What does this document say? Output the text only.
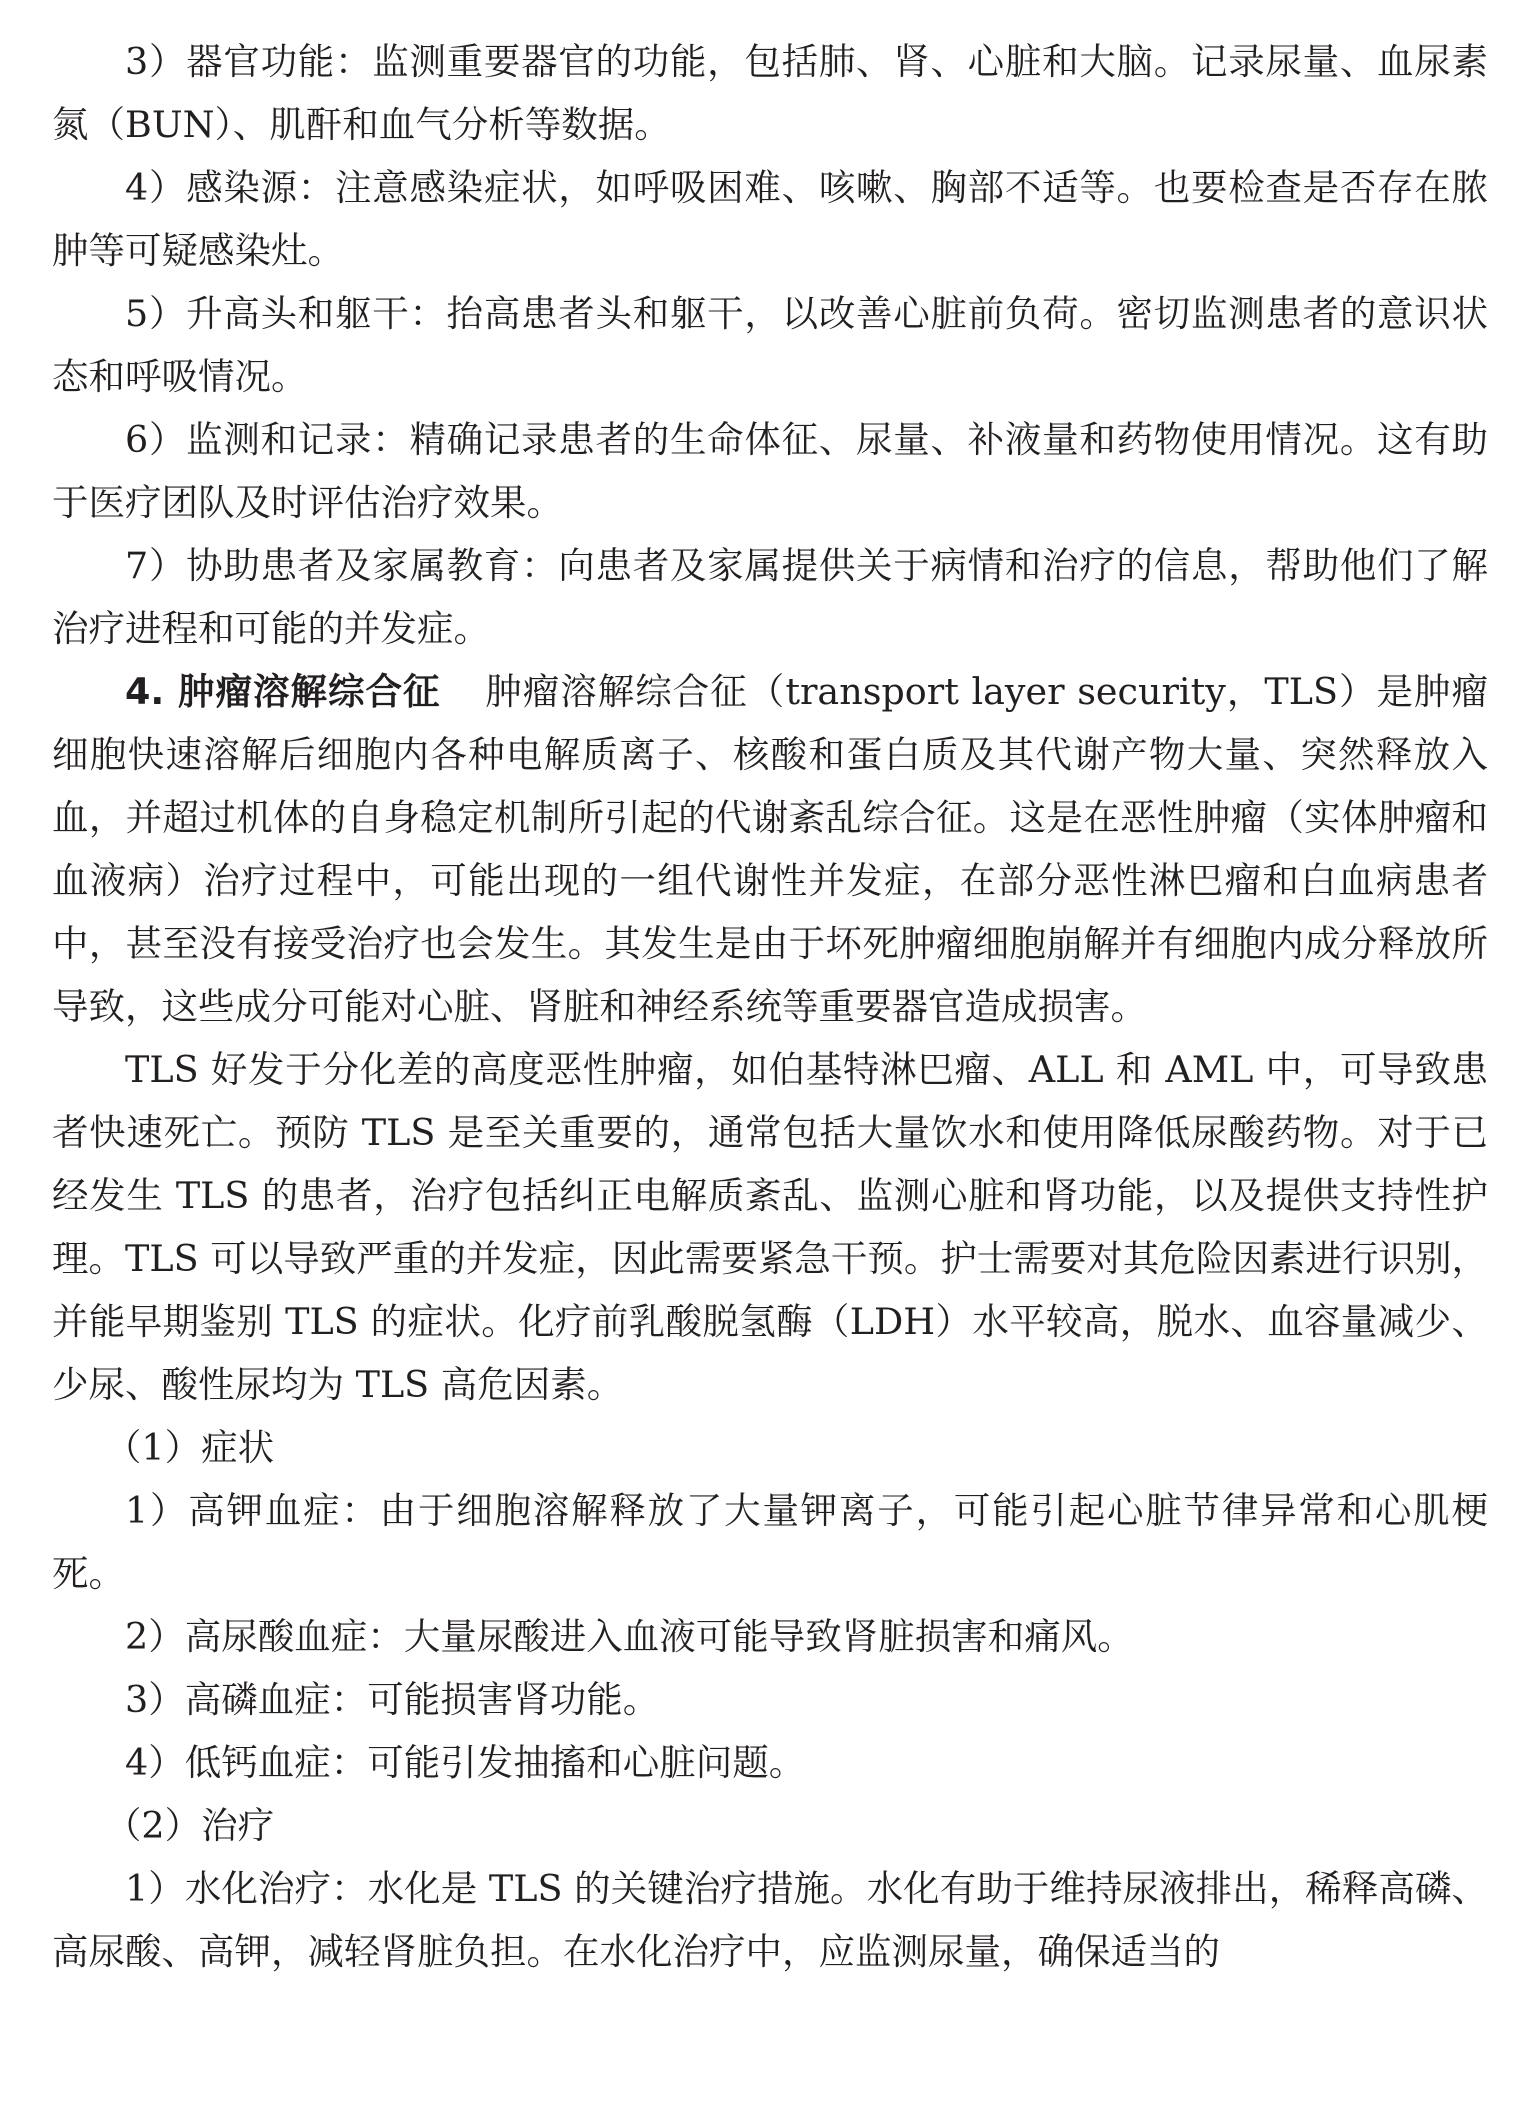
3）器官功能：监测重要器官的功能，包括肺、肾、心脏和大脑。记录尿量、血尿素氮（BUN）、肌酐和血气分析等数据。

4）感染源：注意感染症状，如呼吸困难、咳嗽、胸部不适等。也要检查是否存在脓肿等可疑感染灶。

5）升高头和躯干：抬高患者头和躯干，以改善心脏前负荷。密切监测患者的意识状态和呼吸情况。

6）监测和记录：精确记录患者的生命体征、尿量、补液量和药物使用情况。这有助于医疗团队及时评估治疗效果。

7）协助患者及家属教育：向患者及家属提供关于病情和治疗的信息，帮助他们了解治疗进程和可能的并发症。

4. 肿瘤溶解综合征 肿瘤溶解综合征（transport layer security，TLS）是肿瘤细胞快速溶解后细胞内各种电解质离子、核酸和蛋白质及其代谢产物大量、突然释放入血，并超过机体的自身稳定机制所引起的代谢紊乱综合征。这是在恶性肿瘤（实体肿瘤和血液病）治疗过程中，可能出现的一组代谢性并发症，在部分恶性淋巴瘤和白血病患者中，甚至没有接受治疗也会发生。其发生是由于坏死肿瘤细胞崩解并有细胞内成分释放所导致，这些成分可能对心脏、肾脏和神经系统等重要器官造成损害。

TLS 好发于分化差的高度恶性肿瘤，如伯基特淋巴瘤、ALL 和 AML 中，可导致患者快速死亡。预防 TLS 是至关重要的，通常包括大量饮水和使用降低尿酸药物。对于已经发生 TLS 的患者，治疗包括纠正电解质紊乱、监测心脏和肾功能，以及提供支持性护理。TLS 可以导致严重的并发症，因此需要紧急干预。护士需要对其危险因素进行识别，并能早期鉴别 TLS 的症状。化疗前乳酸脱氢酶（LDH）水平较高，脱水、血容量减少、少尿、酸性尿均为 TLS 高危因素。

（1）症状

1）高钾血症：由于细胞溶解释放了大量钾离子，可能引起心脏节律异常和心肌梗死。

2）高尿酸血症：大量尿酸进入血液可能导致肾脏损害和痛风。

3）高磷血症：可能损害肾功能。

4）低钙血症：可能引发抽搐和心脏问题。

（2）治疗

1）水化治疗：水化是 TLS 的关键治疗措施。水化有助于维持尿液排出，稀释高磷、高尿酸、高钾，减轻肾脏负担。在水化治疗中，应监测尿量，确保适当的
